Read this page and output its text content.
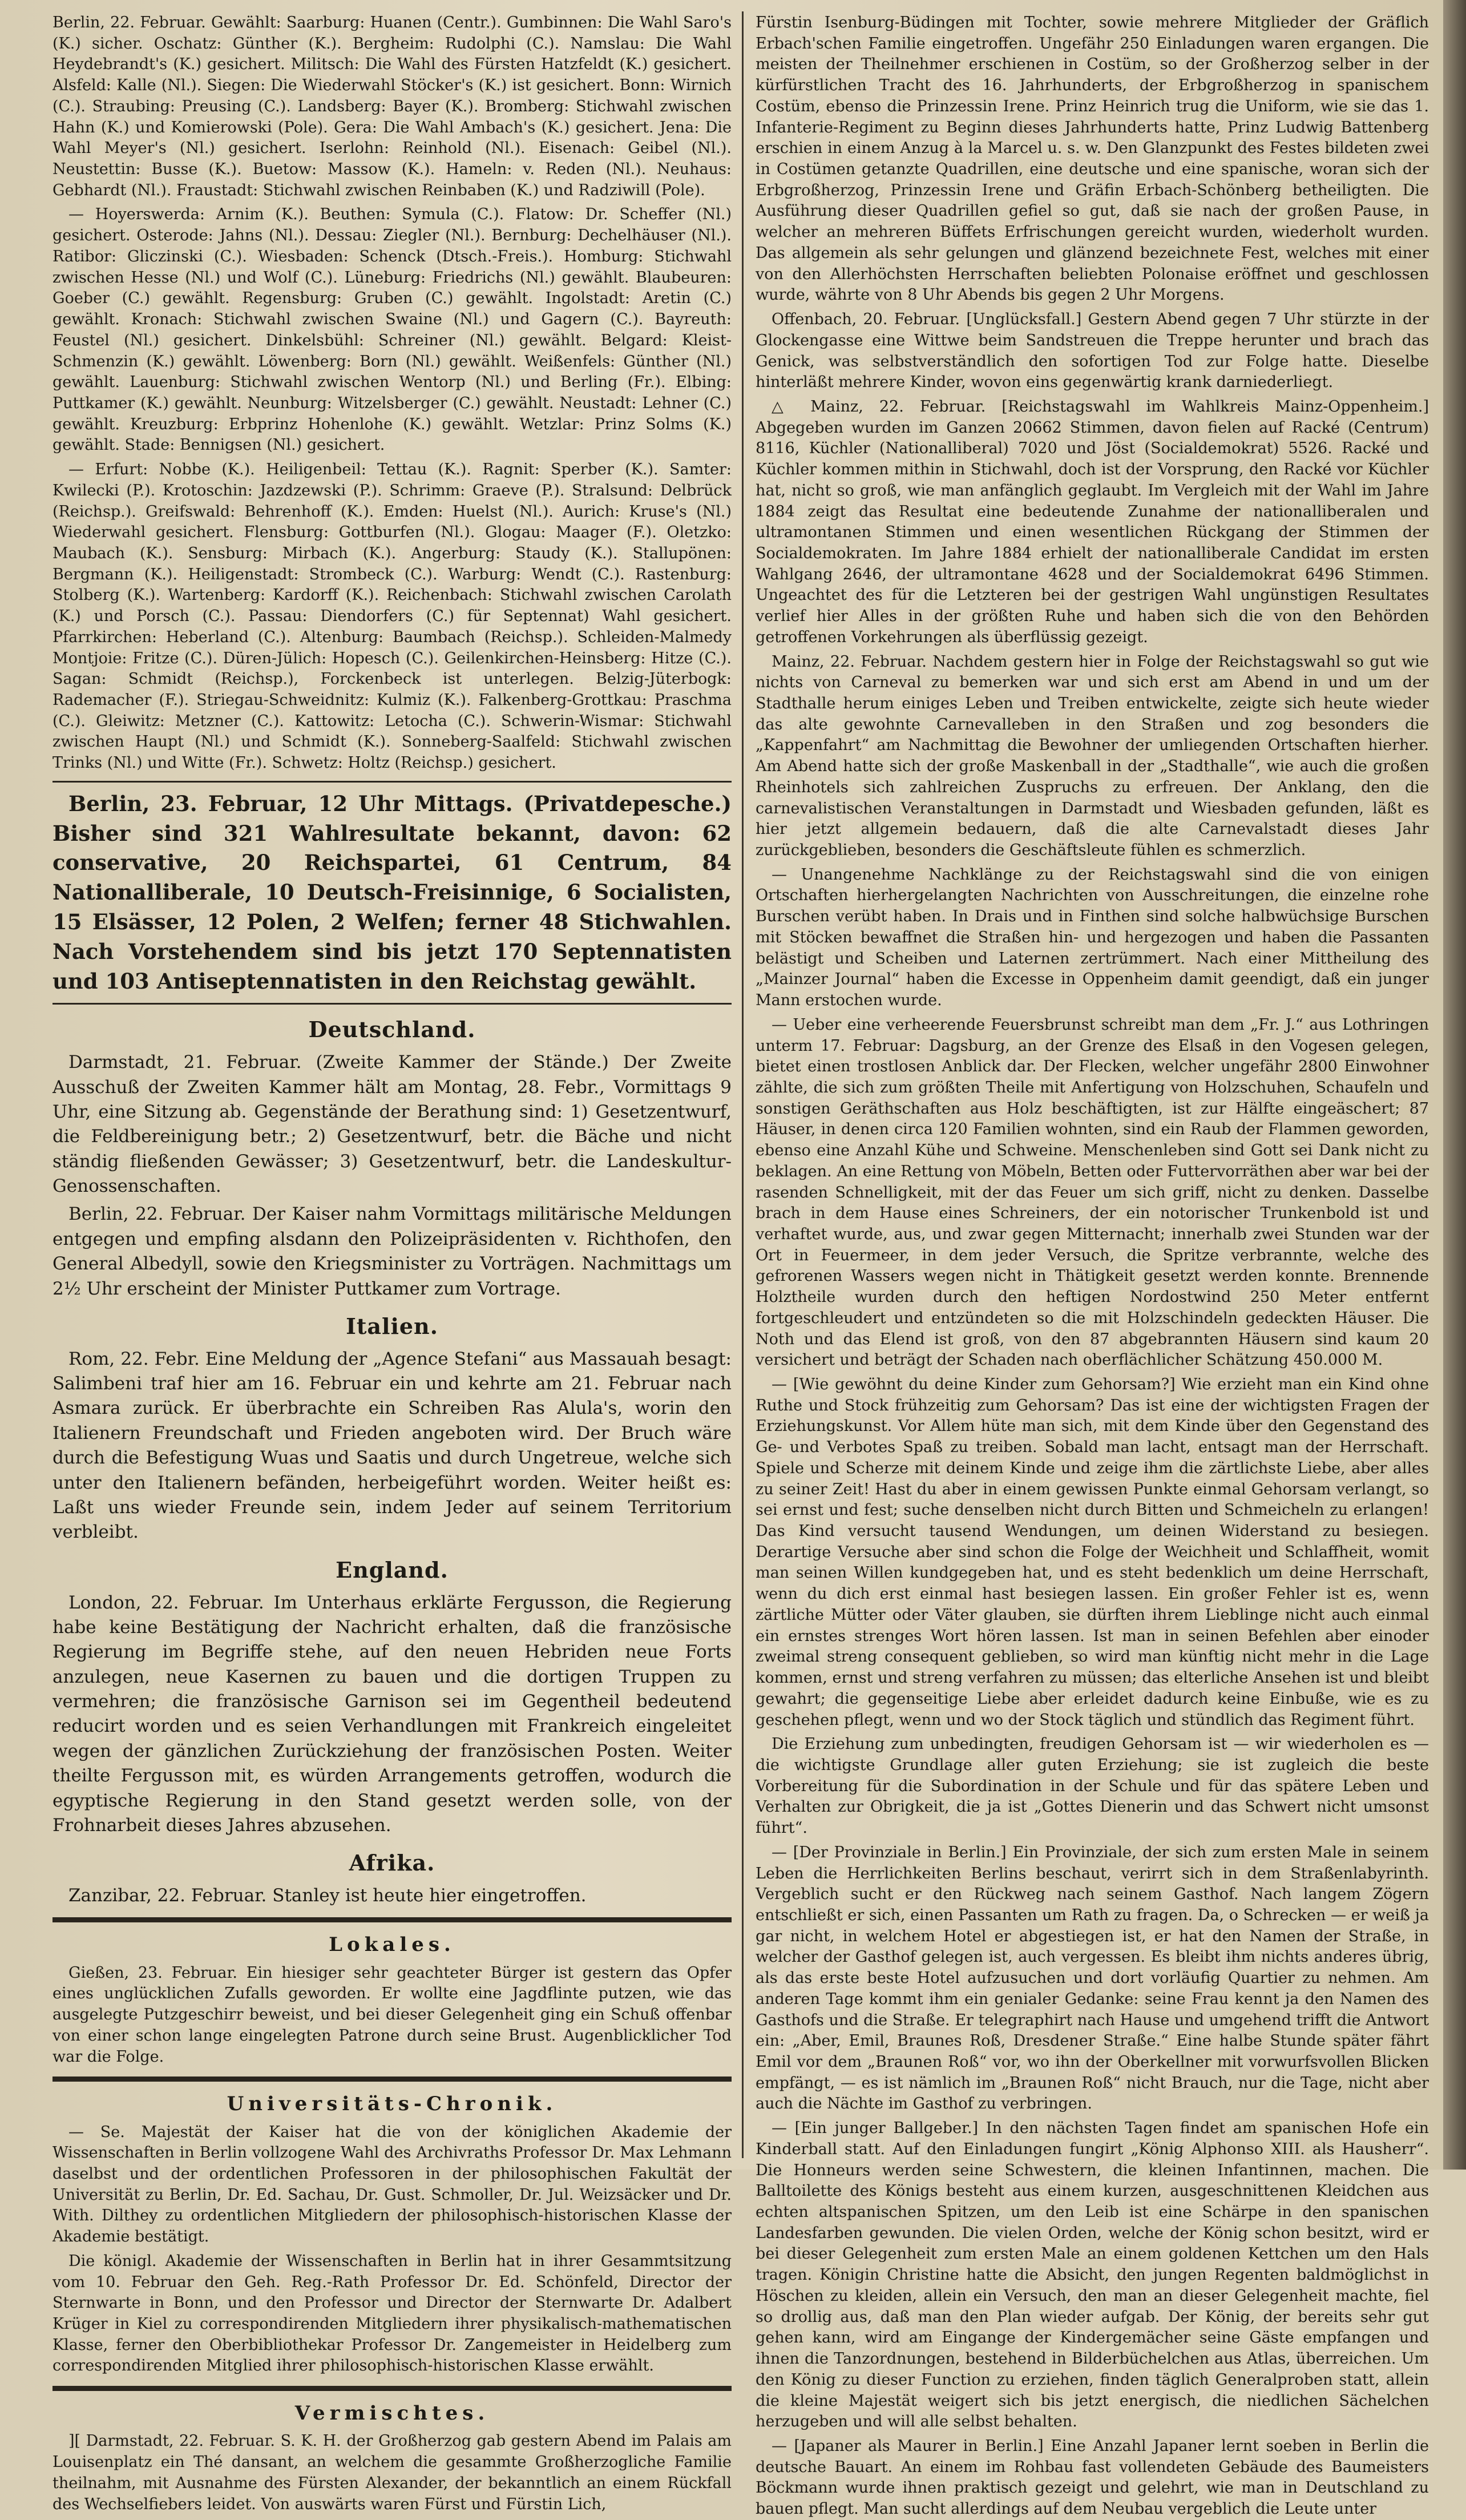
Berlin, 22. Februar. Gewählt: Saarburg: Huanen (Centr.). Gumbinnen: Die Wahl Saro's (K.) sicher. Oschatz: Günther (K.). Bergheim: Rudolphi (C.). Namslau: Die Wahl Heydebrandt's (K.) gesichert. Militsch: Die Wahl des Fürsten Hatzfeldt (K.) gesichert. Alsfeld: Kalle (Nl.). Siegen: Die Wiederwahl Stöcker's (K.) ist gesichert. Bonn: Wirnich (C.). Straubing: Preusing (C.). Landsberg: Bayer (K.). Bromberg: Stichwahl zwischen Hahn (K.) und Komierowski (Pole). Gera: Die Wahl Ambach's (K.) gesichert. Jena: Die Wahl Meyer's (Nl.) gesichert. Iserlohn: Reinhold (Nl.). Eisenach: Geibel (Nl.). Neustettin: Busse (K.). Buetow: Massow (K.). Hameln: v. Reden (Nl.). Neuhaus: Gebhardt (Nl.). Fraustadt: Stichwahl zwischen Reinbaben (K.) und Radziwill (Pole).

— Hoyerswerda: Arnim (K.). Beuthen: Symula (C.). Flatow: Dr. Scheffer (Nl.) gesichert. Osterode: Jahns (Nl.). Dessau: Ziegler (Nl.). Bernburg: Dechelhäuser (Nl.). Ratibor: Gliczinski (C.). Wiesbaden: Schenck (Dtsch.-Freis.). Homburg: Stichwahl zwischen Hesse (Nl.) und Wolf (C.). Lüneburg: Friedrichs (Nl.) gewählt. Blaubeuren: Goeber (C.) gewählt. Regensburg: Gruben (C.) gewählt. Ingolstadt: Aretin (C.) gewählt. Kronach: Stichwahl zwischen Swaine (Nl.) und Gagern (C.). Bayreuth: Feustel (Nl.) gesichert. Dinkelsbühl: Schreiner (Nl.) gewählt. Belgard: Kleist-Schmenzin (K.) gewählt. Löwenberg: Born (Nl.) gewählt. Weißenfels: Günther (Nl.) gewählt. Lauenburg: Stichwahl zwischen Wentorp (Nl.) und Berling (Fr.). Elbing: Puttkamer (K.) gewählt. Neunburg: Witzelsberger (C.) gewählt. Neustadt: Lehner (C.) gewählt. Kreuzburg: Erbprinz Hohenlohe (K.) gewählt. Wetzlar: Prinz Solms (K.) gewählt. Stade: Bennigsen (Nl.) gesichert.

— Erfurt: Nobbe (K.). Heiligenbeil: Tettau (K.). Ragnit: Sperber (K.). Samter: Kwilecki (P.). Krotoschin: Jazdzewski (P.). Schrimm: Graeve (P.). Stralsund: Delbrück (Reichsp.). Greifswald: Behrenhoff (K.). Emden: Huelst (Nl.). Aurich: Kruse's (Nl.) Wiederwahl gesichert. Flensburg: Gottburfen (Nl.). Glogau: Maager (F.). Oletzko: Maubach (K.). Sensburg: Mirbach (K.). Angerburg: Staudy (K.). Stallupönen: Bergmann (K.). Heiligenstadt: Strombeck (C.). Warburg: Wendt (C.). Rastenburg: Stolberg (K.). Wartenberg: Kardorff (K.). Reichenbach: Stichwahl zwischen Carolath (K.) und Porsch (C.). Passau: Diendorfers (C.) für Septennat) Wahl gesichert. Pfarrkirchen: Heberland (C.). Altenburg: Baumbach (Reichsp.). Schleiden-Malmedy Montjoie: Fritze (C.). Düren-Jülich: Hopesch (C.). Geilenkirchen-Heinsberg: Hitze (C.). Sagan: Schmidt (Reichsp.), Forckenbeck ist unterlegen. Belzig-Jüterbogk: Rademacher (F.). Striegau-Schweidnitz: Kulmiz (K.). Falkenberg-Grottkau: Praschma (C.). Gleiwitz: Metzner (C.). Kattowitz: Letocha (C.). Schwerin-Wismar: Stichwahl zwischen Haupt (Nl.) und Schmidt (K.). Sonneberg-Saalfeld: Stichwahl zwischen Trinks (Nl.) und Witte (Fr.). Schwetz: Holtz (Reichsp.) gesichert.

Berlin, 23. Februar, 12 Uhr Mittags. (Privatdepesche.) Bisher sind 321 Wahlresultate bekannt, davon: 62 conservative, 20 Reichspartei, 61 Centrum, 84 Nationalliberale, 10 Deutsch-Freisinnige, 6 Socialisten, 15 Elsässer, 12 Polen, 2 Welfen; ferner 48 Stichwahlen. Nach Vorstehendem sind bis jetzt 170 Septennatisten und 103 Antiseptennatisten in den Reichstag gewählt.
Deutschland.

Darmstadt, 21. Februar. (Zweite Kammer der Stände.) Der Zweite Ausschuß der Zweiten Kammer hält am Montag, 28. Febr., Vormittags 9 Uhr, eine Sitzung ab. Gegenstände der Berathung sind: 1) Gesetzentwurf, die Feldbereinigung betr.; 2) Gesetzentwurf, betr. die Bäche und nicht ständig fließenden Gewässer; 3) Gesetzentwurf, betr. die Landeskultur-Genossenschaften.

Berlin, 22. Februar. Der Kaiser nahm Vormittags militärische Meldungen entgegen und empfing alsdann den Polizeipräsidenten v. Richthofen, den General Albedyll, sowie den Kriegsminister zu Vorträgen. Nachmittags um 2½ Uhr erscheint der Minister Puttkamer zum Vortrage.

Italien.

Rom, 22. Febr. Eine Meldung der „Agence Stefani“ aus Massauah besagt: Salimbeni traf hier am 16. Februar ein und kehrte am 21. Februar nach Asmara zurück. Er überbrachte ein Schreiben Ras Alula's, worin den Italienern Freundschaft und Frieden angeboten wird. Der Bruch wäre durch die Befestigung Wuas und Saatis und durch Ungetreue, welche sich unter den Italienern befänden, herbeigeführt worden. Weiter heißt es: Laßt uns wieder Freunde sein, indem Jeder auf seinem Territorium verbleibt.

England.

London, 22. Februar. Im Unterhaus erklärte Fergusson, die Regierung habe keine Bestätigung der Nachricht erhalten, daß die französische Regierung im Begriffe stehe, auf den neuen Hebriden neue Forts anzulegen, neue Kasernen zu bauen und die dortigen Truppen zu vermehren; die französische Garnison sei im Gegentheil bedeutend reducirt worden und es seien Verhandlungen mit Frankreich eingeleitet wegen der gänzlichen Zurückziehung der französischen Posten. Weiter theilte Fergusson mit, es würden Arrangements getroffen, wodurch die egyptische Regierung in den Stand gesetzt werden solle, von der Frohnarbeit dieses Jahres abzusehen.

Afrika.

Zanzibar, 22. Februar. Stanley ist heute hier eingetroffen.

Lokales.

Gießen, 23. Februar. Ein hiesiger sehr geachteter Bürger ist gestern das Opfer eines unglücklichen Zufalls geworden. Er wollte eine Jagdflinte putzen, wie das ausgelegte Putzgeschirr beweist, und bei dieser Gelegenheit ging ein Schuß offenbar von einer schon lange eingelegten Patrone durch seine Brust. Augenblicklicher Tod war die Folge.

Universitäts-Chronik.

— Se. Majestät der Kaiser hat die von der königlichen Akademie der Wissenschaften in Berlin vollzogene Wahl des Archivraths Professor Dr. Max Lehmann daselbst und der ordentlichen Professoren in der philosophischen Fakultät der Universität zu Berlin, Dr. Ed. Sachau, Dr. Gust. Schmoller, Dr. Jul. Weizsäcker und Dr. With. Dilthey zu ordentlichen Mitgliedern der philosophisch-historischen Klasse der Akademie bestätigt.

Die königl. Akademie der Wissenschaften in Berlin hat in ihrer Gesammtsitzung vom 10. Februar den Geh. Reg.-Rath Professor Dr. Ed. Schönfeld, Director der Sternwarte in Bonn, und den Professor und Director der Sternwarte Dr. Adalbert Krüger in Kiel zu correspondirenden Mitgliedern ihrer physikalisch-mathematischen Klasse, ferner den Oberbibliothekar Professor Dr. Zangemeister in Heidelberg zum correspondirenden Mitglied ihrer philosophisch-historischen Klasse erwählt.

Vermischtes.

][ Darmstadt, 22. Februar. S. K. H. der Großherzog gab gestern Abend im Palais am Louisenplatz ein Thé dansant, an welchem die gesammte Großherzogliche Familie theilnahm, mit Ausnahme des Fürsten Alexander, der bekanntlich an einem Rückfall des Wechselfiebers leidet. Von auswärts waren Fürst und Fürstin Lich,

Fürstin Isenburg-Büdingen mit Tochter, sowie mehrere Mitglieder der Gräflich Erbach'schen Familie eingetroffen. Ungefähr 250 Einladungen waren ergangen. Die meisten der Theilnehmer erschienen in Costüm, so der Großherzog selber in der kürfürstlichen Tracht des 16. Jahrhunderts, der Erbgroßherzog in spanischem Costüm, ebenso die Prinzessin Irene. Prinz Heinrich trug die Uniform, wie sie das 1. Infanterie-Regiment zu Beginn dieses Jahrhunderts hatte, Prinz Ludwig Battenberg erschien in einem Anzug à la Marcel u. s. w. Den Glanzpunkt des Festes bildeten zwei in Costümen getanzte Quadrillen, eine deutsche und eine spanische, woran sich der Erbgroßherzog, Prinzessin Irene und Gräfin Erbach-Schönberg betheiligten. Die Ausführung dieser Quadrillen gefiel so gut, daß sie nach der großen Pause, in welcher an mehreren Büffets Erfrischungen gereicht wurden, wiederholt wurden. Das allgemein als sehr gelungen und glänzend bezeichnete Fest, welches mit einer von den Allerhöchsten Herrschaften beliebten Polonaise eröffnet und geschlossen wurde, währte von 8 Uhr Abends bis gegen 2 Uhr Morgens.

Offenbach, 20. Februar. [Unglücksfall.] Gestern Abend gegen 7 Uhr stürzte in der Glockengasse eine Wittwe beim Sandstreuen die Treppe herunter und brach das Genick, was selbstverständlich den sofortigen Tod zur Folge hatte. Dieselbe hinterläßt mehrere Kinder, wovon eins gegenwärtig krank darniederliegt.

△ Mainz, 22. Februar. [Reichstagswahl im Wahlkreis Mainz-Oppenheim.] Abgegeben wurden im Ganzen 20662 Stimmen, davon fielen auf Racké (Centrum) 8116, Küchler (Nationalliberal) 7020 und Jöst (Socialdemokrat) 5526. Racké und Küchler kommen mithin in Stichwahl, doch ist der Vorsprung, den Racké vor Küchler hat, nicht so groß, wie man anfänglich geglaubt. Im Vergleich mit der Wahl im Jahre 1884 zeigt das Resultat eine bedeutende Zunahme der nationalliberalen und ultramontanen Stimmen und einen wesentlichen Rückgang der Stimmen der Socialdemokraten. Im Jahre 1884 erhielt der nationalliberale Candidat im ersten Wahlgang 2646, der ultramontane 4628 und der Socialdemokrat 6496 Stimmen. Ungeachtet des für die Letzteren bei der gestrigen Wahl ungünstigen Resultates verlief hier Alles in der größten Ruhe und haben sich die von den Behörden getroffenen Vorkehrungen als überflüssig gezeigt.

Mainz, 22. Februar. Nachdem gestern hier in Folge der Reichstagswahl so gut wie nichts von Carneval zu bemerken war und sich erst am Abend in und um der Stadthalle herum einiges Leben und Treiben entwickelte, zeigte sich heute wieder das alte gewohnte Carnevalleben in den Straßen und zog besonders die „Kappenfahrt“ am Nachmittag die Bewohner der umliegenden Ortschaften hierher. Am Abend hatte sich der große Maskenball in der „Stadthalle“, wie auch die großen Rheinhotels sich zahlreichen Zuspruchs zu erfreuen. Der Anklang, den die carnevalistischen Veranstaltungen in Darmstadt und Wiesbaden gefunden, läßt es hier jetzt allgemein bedauern, daß die alte Carnevalstadt dieses Jahr zurückgeblieben, besonders die Geschäftsleute fühlen es schmerzlich.

— Unangenehme Nachklänge zu der Reichstagswahl sind die von einigen Ortschaften hierhergelangten Nachrichten von Ausschreitungen, die einzelne rohe Burschen verübt haben. In Drais und in Finthen sind solche halbwüchsige Burschen mit Stöcken bewaffnet die Straßen hin- und hergezogen und haben die Passanten belästigt und Scheiben und Laternen zertrümmert. Nach einer Mittheilung des „Mainzer Journal“ haben die Excesse in Oppenheim damit geendigt, daß ein junger Mann erstochen wurde.

— Ueber eine verheerende Feuersbrunst schreibt man dem „Fr. J.“ aus Lothringen unterm 17. Februar: Dagsburg, an der Grenze des Elsaß in den Vogesen gelegen, bietet einen trostlosen Anblick dar. Der Flecken, welcher ungefähr 2800 Einwohner zählte, die sich zum größten Theile mit Anfertigung von Holzschuhen, Schaufeln und sonstigen Geräthschaften aus Holz beschäftigten, ist zur Hälfte eingeäschert; 87 Häuser, in denen circa 120 Familien wohnten, sind ein Raub der Flammen geworden, ebenso eine Anzahl Kühe und Schweine. Menschenleben sind Gott sei Dank nicht zu beklagen. An eine Rettung von Möbeln, Betten oder Futtervorräthen aber war bei der rasenden Schnelligkeit, mit der das Feuer um sich griff, nicht zu denken. Dasselbe brach in dem Hause eines Schreiners, der ein notorischer Trunkenbold ist und verhaftet wurde, aus, und zwar gegen Mitternacht; innerhalb zwei Stunden war der Ort in Feuermeer, in dem jeder Versuch, die Spritze verbrannte, welche des gefrorenen Wassers wegen nicht in Thätigkeit gesetzt werden konnte. Brennende Holztheile wurden durch den heftigen Nordostwind 250 Meter entfernt fortgeschleudert und entzündeten so die mit Holzschindeln gedeckten Häuser. Die Noth und das Elend ist groß, von den 87 abgebrannten Häusern sind kaum 20 versichert und beträgt der Schaden nach oberflächlicher Schätzung 450.000 M.

— [Wie gewöhnt du deine Kinder zum Gehorsam?] Wie erzieht man ein Kind ohne Ruthe und Stock frühzeitig zum Gehorsam? Das ist eine der wichtigsten Fragen der Erziehungskunst. Vor Allem hüte man sich, mit dem Kinde über den Gegenstand des Ge- und Verbotes Spaß zu treiben. Sobald man lacht, entsagt man der Herrschaft. Spiele und Scherze mit deinem Kinde und zeige ihm die zärtlichste Liebe, aber alles zu seiner Zeit! Hast du aber in einem gewissen Punkte einmal Gehorsam verlangt, so sei ernst und fest; suche denselben nicht durch Bitten und Schmeicheln zu erlangen! Das Kind versucht tausend Wendungen, um deinen Widerstand zu besiegen. Derartige Versuche aber sind schon die Folge der Weichheit und Schlaffheit, womit man seinen Willen kundgegeben hat, und es steht bedenklich um deine Herrschaft, wenn du dich erst einmal hast besiegen lassen. Ein großer Fehler ist es, wenn zärtliche Mütter oder Väter glauben, sie dürften ihrem Lieblinge nicht auch einmal ein ernstes strenges Wort hören lassen. Ist man in seinen Befehlen aber einoder zweimal streng consequent geblieben, so wird man künftig nicht mehr in die Lage kommen, ernst und streng verfahren zu müssen; das elterliche Ansehen ist und bleibt gewahrt; die gegenseitige Liebe aber erleidet dadurch keine Einbuße, wie es zu geschehen pflegt, wenn und wo der Stock täglich und stündlich das Regiment führt.

Die Erziehung zum unbedingten, freudigen Gehorsam ist — wir wiederholen es — die wichtigste Grundlage aller guten Erziehung; sie ist zugleich die beste Vorbereitung für die Subordination in der Schule und für das spätere Leben und Verhalten zur Obrigkeit, die ja ist „Gottes Dienerin und das Schwert nicht umsonst führt“.

— [Der Provinziale in Berlin.] Ein Provinziale, der sich zum ersten Male in seinem Leben die Herrlichkeiten Berlins beschaut, verirrt sich in dem Straßenlabyrinth. Vergeblich sucht er den Rückweg nach seinem Gasthof. Nach langem Zögern entschließt er sich, einen Passanten um Rath zu fragen. Da, o Schrecken — er weiß ja gar nicht, in welchem Hotel er abgestiegen ist, er hat den Namen der Straße, in welcher der Gasthof gelegen ist, auch vergessen. Es bleibt ihm nichts anderes übrig, als das erste beste Hotel aufzusuchen und dort vorläufig Quartier zu nehmen. Am anderen Tage kommt ihm ein genialer Gedanke: seine Frau kennt ja den Namen des Gasthofs und die Straße. Er telegraphirt nach Hause und umgehend trifft die Antwort ein: „Aber, Emil, Braunes Roß, Dresdener Straße.“ Eine halbe Stunde später fährt Emil vor dem „Braunen Roß“ vor, wo ihn der Oberkellner mit vorwurfsvollen Blicken empfängt, — es ist nämlich im „Braunen Roß“ nicht Brauch, nur die Tage, nicht aber auch die Nächte im Gasthof zu verbringen.

— [Ein junger Ballgeber.] In den nächsten Tagen findet am spanischen Hofe ein Kinderball statt. Auf den Einladungen fungirt „König Alphonso XIII. als Hausherr“. Die Honneurs werden seine Schwestern, die kleinen Infantinnen, machen. Die Balltoilette des Königs besteht aus einem kurzen, ausgeschnittenen Kleidchen aus echten altspanischen Spitzen, um den Leib ist eine Schärpe in den spanischen Landesfarben gewunden. Die vielen Orden, welche der König schon besitzt, wird er bei dieser Gelegenheit zum ersten Male an einem goldenen Kettchen um den Hals tragen. Königin Christine hatte die Absicht, den jungen Regenten baldmöglichst in Höschen zu kleiden, allein ein Versuch, den man an dieser Gelegenheit machte, fiel so drollig aus, daß man den Plan wieder aufgab. Der König, der bereits sehr gut gehen kann, wird am Eingange der Kindergemächer seine Gäste empfangen und ihnen die Tanzordnungen, bestehend in Bilderbüchelchen aus Atlas, überreichen. Um den König zu dieser Function zu erziehen, finden täglich Generalproben statt, allein die kleine Majestät weigert sich bis jetzt energisch, die niedlichen Sächelchen herzugeben und will alle selbst behalten.

— [Japaner als Maurer in Berlin.] Eine Anzahl Japaner lernt soeben in Berlin die deutsche Bauart. An einem im Rohbau fast vollendeten Gebäude des Baumeisters Böckmann wurde ihnen praktisch gezeigt und gelehrt, wie man in Deutschland zu bauen pflegt. Man sucht allerdings auf dem Neubau vergeblich die Leute unter
